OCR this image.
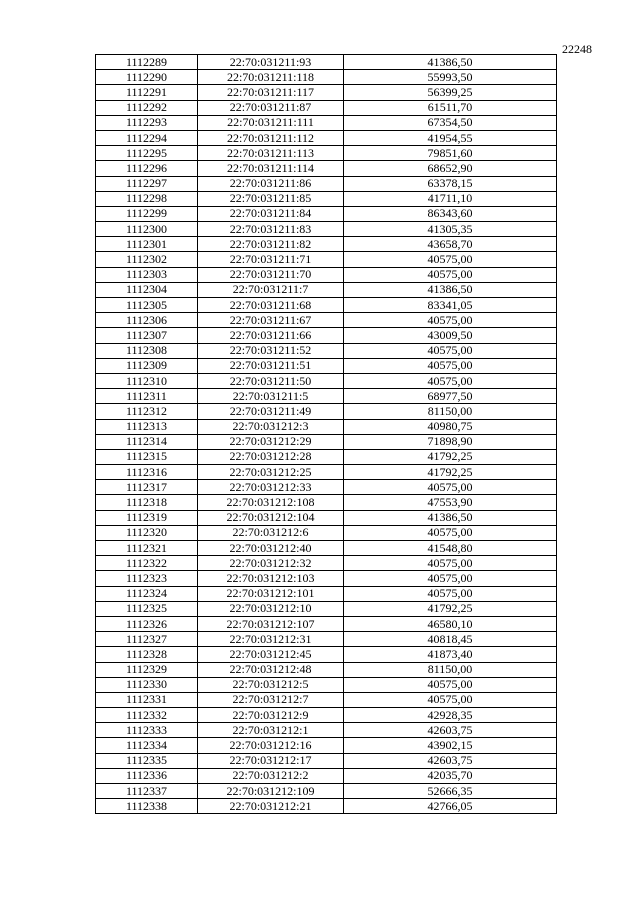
22248
1112289	22:70:031211:93	41386,50
1112290	22:70:031211:118	55993,50
1112291	22:70:031211:117	56399,25
1112292	22:70:031211:87	61511,70
1112293	22:70:031211:111	67354,50
1112294	22:70:031211:112	41954,55
1112295	22:70:031211:113	79851,60
1112296	22:70:031211:114	68652,90
1112297	22:70:031211:86	63378,15
1112298	22:70:031211:85	41711,10
1112299	22:70:031211:84	86343,60
1112300	22:70:031211:83	41305,35
1112301	22:70:031211:82	43658,70
1112302	22:70:031211:71	40575,00
1112303	22:70:031211:70	40575,00
1112304	22:70:031211:7	41386,50
1112305	22:70:031211:68	83341,05
1112306	22:70:031211:67	40575,00
1112307	22:70:031211:66	43009,50
1112308	22:70:031211:52	40575,00
1112309	22:70:031211:51	40575,00
1112310	22:70:031211:50	40575,00
1112311	22:70:031211:5	68977,50
1112312	22:70:031211:49	81150,00
1112313	22:70:031212:3	40980,75
1112314	22:70:031212:29	71898,90
1112315	22:70:031212:28	41792,25
1112316	22:70:031212:25	41792,25
1112317	22:70:031212:33	40575,00
1112318	22:70:031212:108	47553,90
1112319	22:70:031212:104	41386,50
1112320	22:70:031212:6	40575,00
1112321	22:70:031212:40	41548,80
1112322	22:70:031212:32	40575,00
1112323	22:70:031212:103	40575,00
1112324	22:70:031212:101	40575,00
1112325	22:70:031212:10	41792,25
1112326	22:70:031212:107	46580,10
1112327	22:70:031212:31	40818,45
1112328	22:70:031212:45	41873,40
1112329	22:70:031212:48	81150,00
1112330	22:70:031212:5	40575,00
1112331	22:70:031212:7	40575,00
1112332	22:70:031212:9	42928,35
1112333	22:70:031212:1	42603,75
1112334	22:70:031212:16	43902,15
1112335	22:70:031212:17	42603,75
1112336	22:70:031212:2	42035,70
1112337	22:70:031212:109	52666,35
1112338	22:70:031212:21	42766,05
